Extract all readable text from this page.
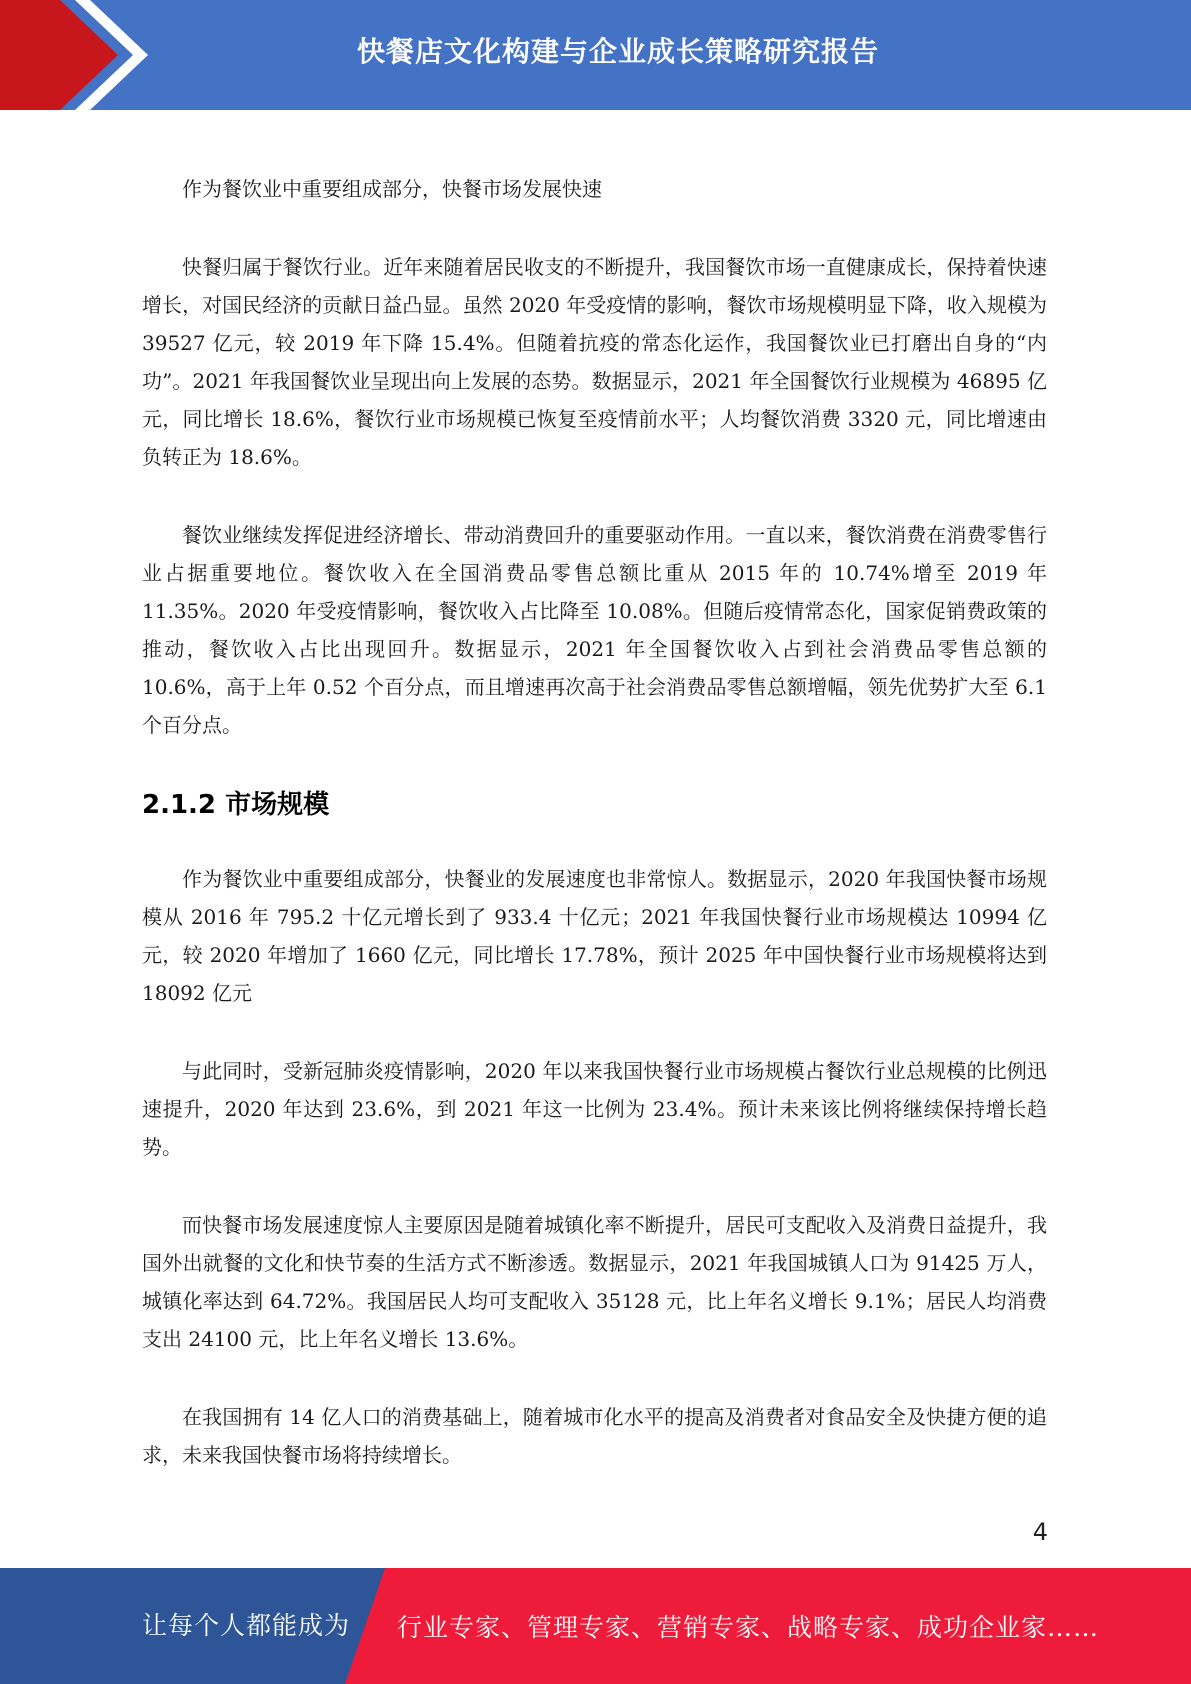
快餐店文化构建与企业成长策略研究报告

作为餐饮业中重要组成部分，快餐市场发展快速

快餐归属于餐饮行业。近年来随着居民收支的不断提升，我国餐饮市场一直健康成长，保持着快速增长，对国民经济的贡献日益凸显。虽然 2020 年受疫情的影响，餐饮市场规模明显下降，收入规模为 39527 亿元，较 2019 年下降 15.4%。但随着抗疫的常态化运作，我国餐饮业已打磨出自身的“内功”。2021 年我国餐饮业呈现出向上发展的态势。数据显示，2021 年全国餐饮行业规模为 46895 亿元，同比增长 18.6%，餐饮行业市场规模已恢复至疫情前水平；人均餐饮消费 3320 元，同比增速由负转正为 18.6%。

餐饮业继续发挥促进经济增长、带动消费回升的重要驱动作用。一直以来，餐饮消费在消费零售行业占据重要地位。餐饮收入在全国消费品零售总额比重从 2015 年的 10.74%增至 2019 年 11.35%。2020 年受疫情影响，餐饮收入占比降至 10.08%。但随后疫情常态化，国家促销费政策的推动，餐饮收入占比出现回升。数据显示，2021 年全国餐饮收入占到社会消费品零售总额的 10.6%，高于上年 0.52 个百分点，而且增速再次高于社会消费品零售总额增幅，领先优势扩大至 6.1 个百分点。

2.1.2 市场规模

作为餐饮业中重要组成部分，快餐业的发展速度也非常惊人。数据显示，2020 年我国快餐市场规模从 2016 年 795.2 十亿元增长到了 933.4 十亿元；2021 年我国快餐行业市场规模达 10994 亿元，较 2020 年增加了 1660 亿元，同比增长 17.78%，预计 2025 年中国快餐行业市场规模将达到 18092 亿元

与此同时，受新冠肺炎疫情影响，2020 年以来我国快餐行业市场规模占餐饮行业总规模的比例迅速提升，2020 年达到 23.6%，到 2021 年这一比例为 23.4%。预计未来该比例将继续保持增长趋势。

而快餐市场发展速度惊人主要原因是随着城镇化率不断提升，居民可支配收入及消费日益提升，我国外出就餐的文化和快节奏的生活方式不断渗透。数据显示，2021 年我国城镇人口为 91425 万人，城镇化率达到 64.72%。我国居民人均可支配收入 35128 元，比上年名义增长 9.1%；居民人均消费支出 24100 元，比上年名义增长 13.6%。

在我国拥有 14 亿人口的消费基础上，随着城市化水平的提高及消费者对食品安全及快捷方便的追求，未来我国快餐市场将持续增长。

4
让每个人都能成为 行业专家、管理专家、营销专家、战略专家、成功企业家……
